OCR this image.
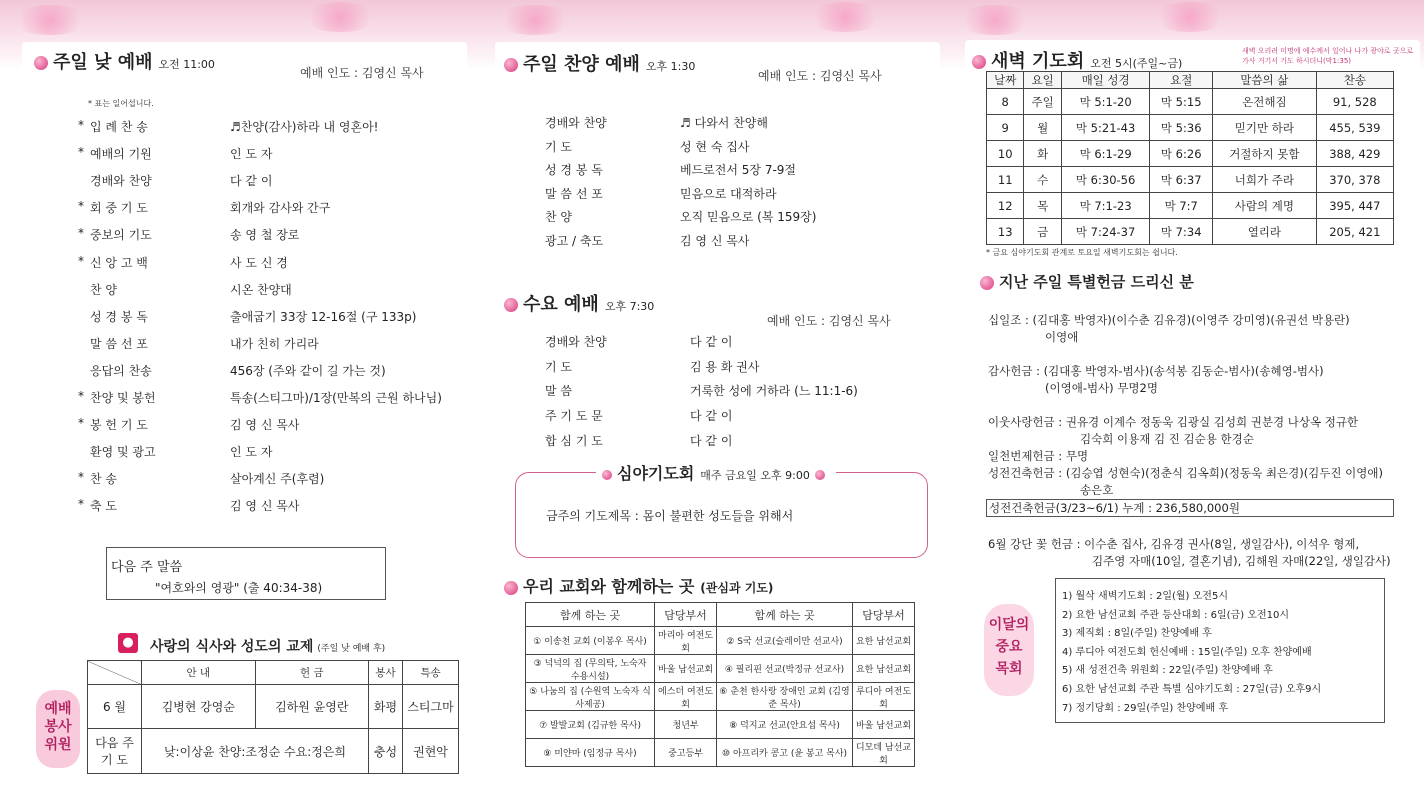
주일 낮 예배 오전 11:00
예배 인도 : 김영신 목사
* 표는 일어섭니다.
* 입 례 찬 송	♬찬양(감사)하라 내 영혼아!
* 예배의 기원	인 도 자
경배와 찬양	다 같 이
* 회 중 기 도	회개와 감사와 간구
* 중보의 기도	송 영 철 장로
* 신 앙 고 백	사 도 신 경
찬 양	시온 찬양대
성 경 봉 독	출애굽기 33장 12-16절 (구 133p)
말 씀 선 포	내가 친히 가리라
응답의 찬송	456장 (주와 같이 길 가는 것)
* 찬양 및 봉헌	특송(스티그마)/1장(만복의 근원 하나님)
* 봉 헌 기 도	김 영 신 목사
환영 및 광고	인 도 자
* 찬 송	살아계신 주(후렴)
* 축 도	김 영 신 목사
다음 주 말씀
"여호와의 영광" (출 40:34-38)
●	사랑의 식사와 성도의 교제 (주일 낮 예배 후)
	안 내	헌 금	봉사	특송
6 월	김병현 강영순	김하원 윤영란	화평	스티그마

다음 주
기 도	낮:이상윤 찬양:조정순 수요:정은희		충성	권현악
예배
봉사
위원
주일 찬양 예배 오후 1:30
예배 인도 : 김영신 목사
경배와 찬양	♬ 다와서 찬양해
기 도	성 현 숙 집사
성 경 봉 독	베드로전서 5장 7-9절
말 씀 선 포	믿음으로 대적하라
찬 양	오직 믿음으로 (복 159장)
광고 / 축도	김 영 신 목사
수요 예배 오후 7:30
예배 인도 : 김영신 목사
경배와 찬양	다 같 이
기 도	김 용 화 권사
말 씀	거룩한 성에 거하라 (느 11:1-6)
주 기 도 문	다 같 이
합 심 기 도	다 같 이
심야기도회 매주 금요일 오후 9:00
금주의 기도제목 : 몸이 불편한 성도들을 위해서
우리 교회와 함께하는 곳 (관심과 기도)
함께 하는 곳	담당부서	함께 하는 곳	담당부서
① 이송천 교회 (이봉우 목사)	마리아 여전도회	② S국 선교(슬레이만 선교사)	요한 남선교회
③ 넉넉의 집 (무의탁, 노숙자 수용시설)	바울 남선교회	④ 필리핀 선교(박정규 선교사)	요한 남선교회
⑤ 나눔의 집 (수원역 노숙자 식사제공)	에스더 여전도회	⑥ 춘천 한사랑 장애인 교회 (김영준 목사)	루디아 여전도회
⑦ 발발교회 (김규한 목사)	청년부	⑧ 덕지교 선교(안요섭 목사)	바울 남선교회
⑨ 미얀마 (임정규 목사)	중고등부	⑩ 아프리카 콩고 (윤 봉고 목사)	디모데 남선교회
새벽 기도회 오전 5시(주일~금)
새벽 오리려 미명에 예수께서 일어나 나가 광야로 곳으로 가사 거기서 기도 하시더니(막1:35)
날짜	요일	매일 성경	요절	말씀의 삶	찬송
8	주일	막 5:1-20	막 5:15	온전해짐	91, 528
9	월	막 5:21-43	막 5:36	믿기만 하라	455, 539
10	화	막 6:1-29	막 6:26	거절하지 못함	388, 429
11	수	막 6:30-56	막 6:37	너희가 주라	370, 378
12	목	막 7:1-23	막 7:7	사람의 계명	395, 447
13	금	막 7:24-37	막 7:34	열리라	205, 421
* 금요 심야기도회 관계로 토요일 새벽기도회는 쉽니다.
지난 주일 특별헌금 드리신 분
십일조 : (김대홍 박영자)(이수춘 김유경)(이영주 강미영)(유권선 박용란)
이영애
감사헌금 : (김대홍 박영자-범사)(송석봉 김동순-범사)(송혜영-범사)
(이영애-범사) 무명2명
이웃사랑헌금 : 권유경 이계수 정동욱 김광실 김성희 권분경 나상옥 정규한
김숙희 이용재 김 진 김순용 한경순
일천번제헌금 : 무명
성전건축헌금 : (김승엽 성현숙)(정춘식 김옥희)(정동욱 최은경)(김두진 이영애)
송은호
성전건축헌금(3/23~6/1) 누계 : 236,580,000원
6월 강단 꽃 헌금 : 이수춘 집사, 김유경 권사(8일, 생일감사), 이석우 형제,
김주영 자매(10일, 결혼기념), 김해원 자매(22일, 생일감사)
이달의
중요
목회
1) 월삭 새벽기도회 : 2일(월) 오전5시
2) 요한 남선교회 주관 등산대회 : 6일(금) 오전10시
3) 제직회 : 8일(주일) 찬양예배 후
4) 루디아 여전도회 헌신예배 : 15일(주일) 오후 찬양예배
5) 새 성전건축 위원회 : 22일(주일) 찬양예배 후
6) 요한 남선교회 주관 특별 심야기도회 : 27일(금) 오후9시
7) 정기당회 : 29일(주일) 찬양예배 후
